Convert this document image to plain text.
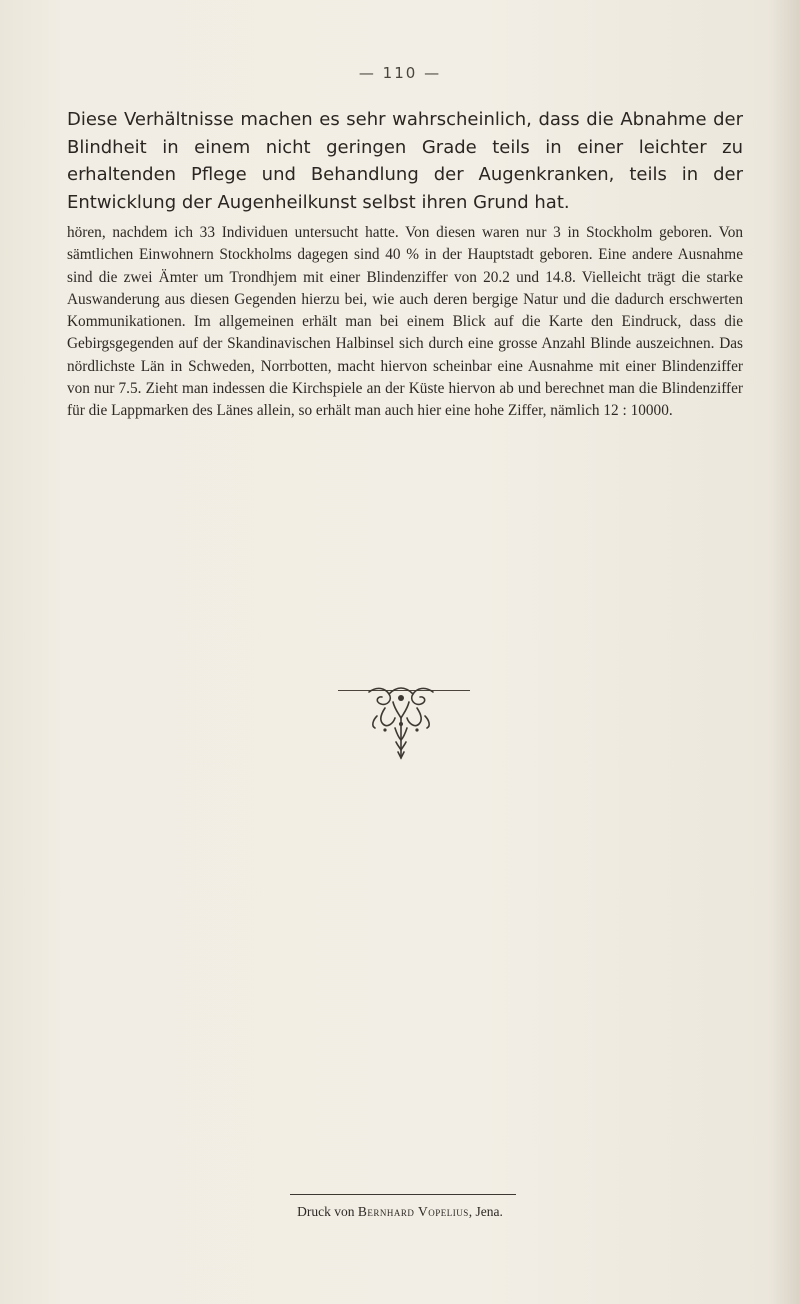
— 110 —

Diese Verhältnisse machen es sehr wahrscheinlich, dass die Abnahme der Blindheit in einem nicht geringen Grade teils in einer leichter zu erhaltenden Pflege und Behandlung der Augenkranken, teils in der Entwicklung der Augenheilkunst selbst ihren Grund hat.

hören, nachdem ich 33 Individuen untersucht hatte. Von diesen waren nur 3 in Stockholm geboren. Von sämtlichen Einwohnern Stockholms dagegen sind 40 % in der Hauptstadt geboren. Eine andere Ausnahme sind die zwei Ämter um Trondhjem mit einer Blindenziffer von 20.2 und 14.8. Vielleicht trägt die starke Auswanderung aus diesen Gegenden hierzu bei, wie auch deren bergige Natur und die dadurch erschwerten Kommunikationen. Im allgemeinen erhält man bei einem Blick auf die Karte den Eindruck, dass die Gebirgsgegenden auf der Skandinavischen Halbinsel sich durch eine grosse Anzahl Blinde auszeichnen. Das nördlichste Län in Schweden, Norrbotten, macht hiervon scheinbar eine Ausnahme mit einer Blindenziffer von nur 7.5. Zieht man indessen die Kirchspiele an der Küste hiervon ab und berechnet man die Blindenziffer für die Lappmarken des Länes allein, so erhält man auch hier eine hohe Ziffer, nämlich 12 : 10000.

Druck von Bernhard Vopelius, Jena.
